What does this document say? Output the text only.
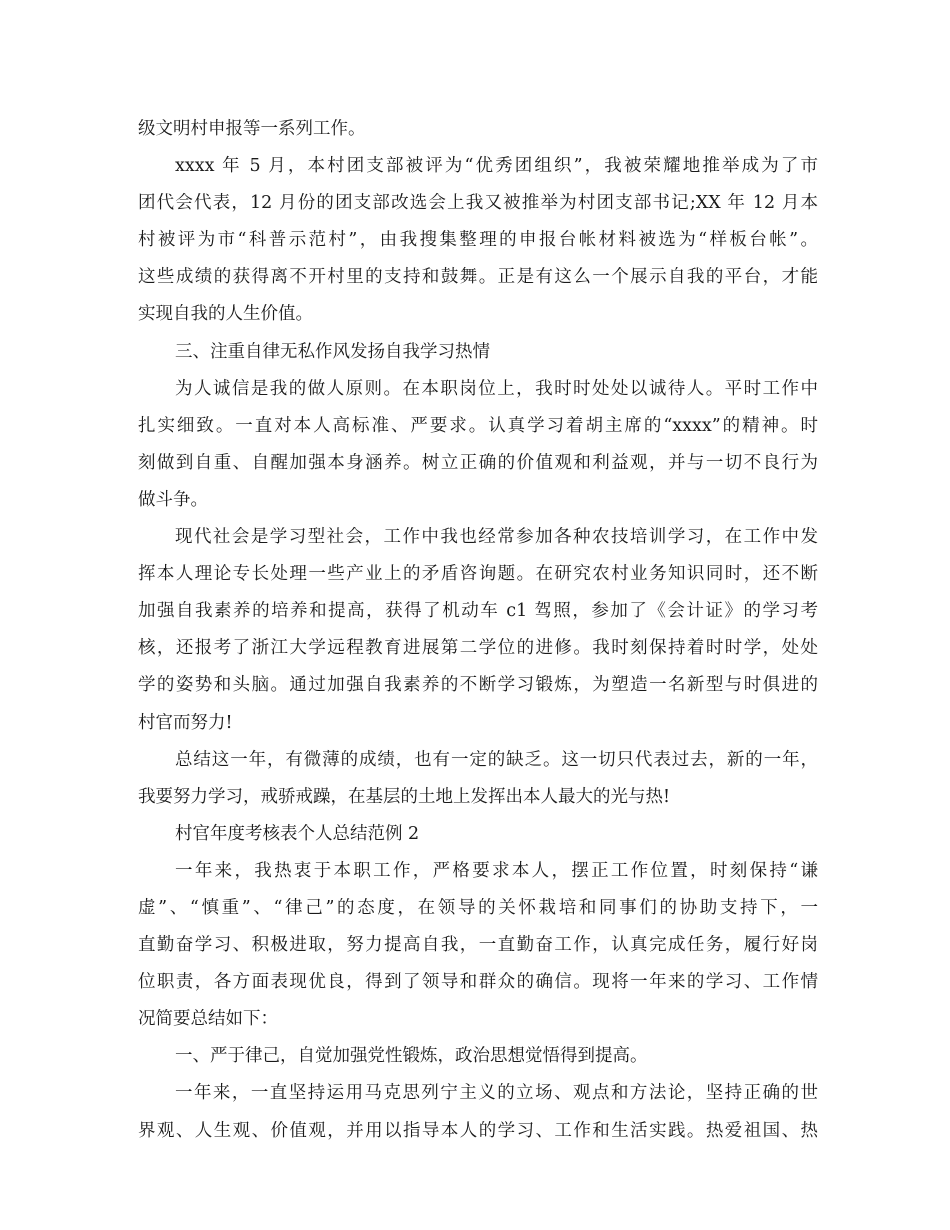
级文明村申报等一系列工作。
xxxx 年 5 月，本村团支部被评为“优秀团组织”，我被荣耀地推举成为了市
团代会代表，12 月份的团支部改选会上我又被推举为村团支部书记;XX 年 12 月本
村被评为市“科普示范村”，由我搜集整理的申报台帐材料被选为“样板台帐”。
这些成绩的获得离不开村里的支持和鼓舞。正是有这么一个展示自我的平台，才能
实现自我的人生价值。
三、注重自律无私作风发扬自我学习热情
为人诚信是我的做人原则。在本职岗位上，我时时处处以诚待人。平时工作中
扎实细致。一直对本人高标准、严要求。认真学习着胡主席的“xxxx”的精神。时
刻做到自重、自醒加强本身涵养。树立正确的价值观和利益观，并与一切不良行为
做斗争。
现代社会是学习型社会，工作中我也经常参加各种农技培训学习，在工作中发
挥本人理论专长处理一些产业上的矛盾咨询题。在研究农村业务知识同时，还不断
加强自我素养的培养和提高，获得了机动车 c1 驾照，参加了《会计证》的学习考
核，还报考了浙江大学远程教育进展第二学位的进修。我时刻保持着时时学，处处
学的姿势和头脑。通过加强自我素养的不断学习锻炼，为塑造一名新型与时俱进的
村官而努力!
总结这一年，有微薄的成绩，也有一定的缺乏。这一切只代表过去，新的一年，
我要努力学习，戒骄戒躁，在基层的土地上发挥出本人最大的光与热!
村官年度考核表个人总结范例 2
一年来，我热衷于本职工作，严格要求本人，摆正工作位置，时刻保持“谦
虚”、“慎重”、“律己”的态度，在领导的关怀栽培和同事们的协助支持下，一
直勤奋学习、积极进取，努力提高自我，一直勤奋工作，认真完成任务，履行好岗
位职责，各方面表现优良，得到了领导和群众的确信。现将一年来的学习、工作情
况简要总结如下：
一、严于律己，自觉加强党性锻炼，政治思想觉悟得到提高。
一年来，一直坚持运用马克思列宁主义的立场、观点和方法论，坚持正确的世
界观、人生观、价值观，并用以指导本人的学习、工作和生活实践。热爱祖国、热
